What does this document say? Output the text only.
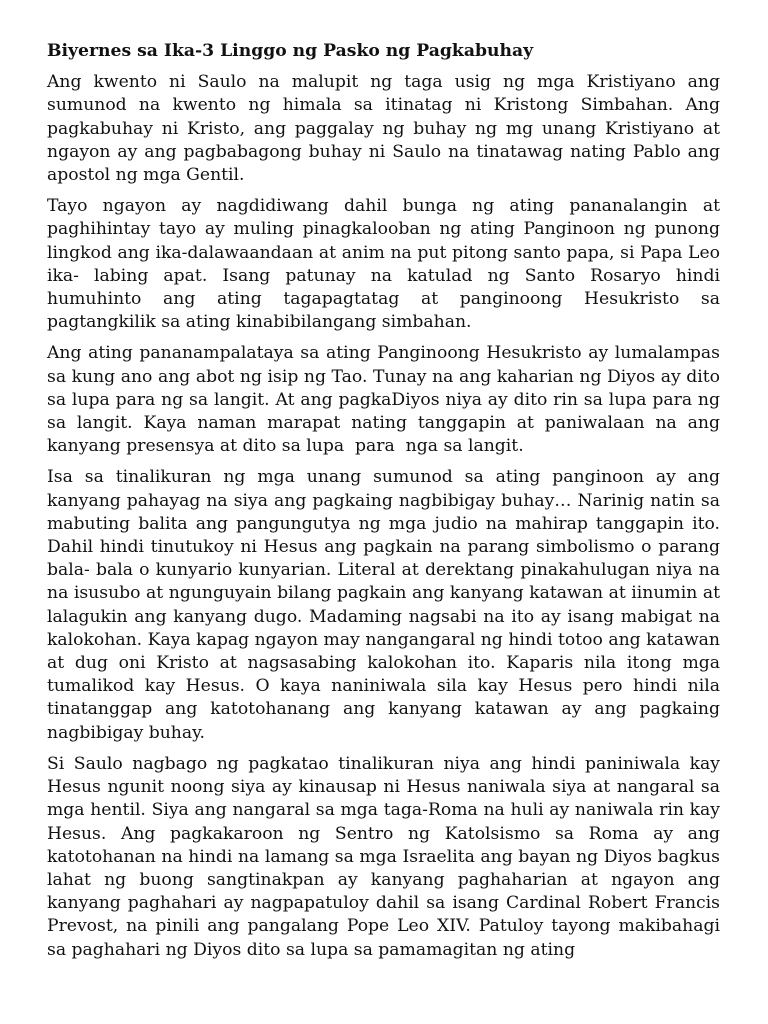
Biyernes sa Ika-3 Linggo ng Pasko ng Pagkabuhay

Ang kwento ni Saulo na malupit ng taga usig ng mga Kristiyano ang sumunod na kwento ng himala sa itinatag ni Kristong Simbahan. Ang pagkabuhay ni Kristo, ang paggalay ng buhay ng mg unang Kristiyano at ngayon ay ang pagbabagong buhay ni Saulo na tinatawag nating Pablo ang apostol ng mga Gentil.

Tayo ngayon ay nagdidiwang dahil bunga ng ating pananalangin at paghihintay tayo ay muling pinagkalooban ng ating Panginoon ng punong lingkod ang ika-dalawaandaan at anim na put pitong santo papa, si Papa Leo ika- labing apat. Isang patunay na katulad ng Santo Rosaryo hindi humuhinto ang ating tagapagtatag at panginoong Hesukristo sa pagtangkilik sa ating kinabibilangang simbahan.

Ang ating pananampalataya sa ating Panginoong Hesukristo ay lumalampas sa kung ano ang abot ng isip ng Tao. Tunay na ang kaharian ng Diyos ay dito sa lupa para ng sa langit. At ang pagkaDiyos niya ay dito rin sa lupa para ng sa langit. Kaya naman marapat nating tanggapin at paniwalaan na ang kanyang presensya at dito sa lupa  para  nga sa langit.

Isa sa tinalikuran ng mga unang sumunod sa ating panginoon ay ang kanyang pahayag na siya ang pagkaing nagbibigay buhay… Narinig natin sa mabuting balita ang pangungutya ng mga judio na mahirap tanggapin ito. Dahil hindi tinutukoy ni Hesus ang pagkain na parang simbolismo o parang bala- bala o kunyario kunyarian. Literal at derektang pinakahulugan niya na na isusubo at ngunguyain bilang pagkain ang kanyang katawan at iinumin at lalagukin ang kanyang dugo. Madaming nagsabi na ito ay isang mabigat na kalokohan. Kaya kapag ngayon may nangangaral ng hindi totoo ang katawan at dug oni Kristo at nagsasabing kalokohan ito. Kaparis nila itong mga tumalikod kay Hesus. O kaya naniniwala sila kay Hesus pero hindi nila tinatanggap ang katotohanang ang kanyang katawan ay ang pagkaing nagbibigay buhay.

Si Saulo nagbago ng pagkatao tinalikuran niya ang hindi paniniwala kay Hesus ngunit noong siya ay kinausap ni Hesus naniwala siya at nangaral sa mga hentil. Siya ang nangaral sa mga taga-Roma na huli ay naniwala rin kay Hesus. Ang pagkakaroon ng Sentro ng Katolsismo sa Roma ay ang katotohanan na hindi na lamang sa mga Israelita ang bayan ng Diyos bagkus lahat ng buong sangtinakpan ay kanyang paghaharian at ngayon ang kanyang paghahari ay nagpapatuloy dahil sa isang Cardinal Robert Francis Prevost, na pinili ang pangalang Pope Leo XIV. Patuloy tayong makibahagi sa paghahari ng Diyos dito sa lupa sa pamamagitan ng ating
